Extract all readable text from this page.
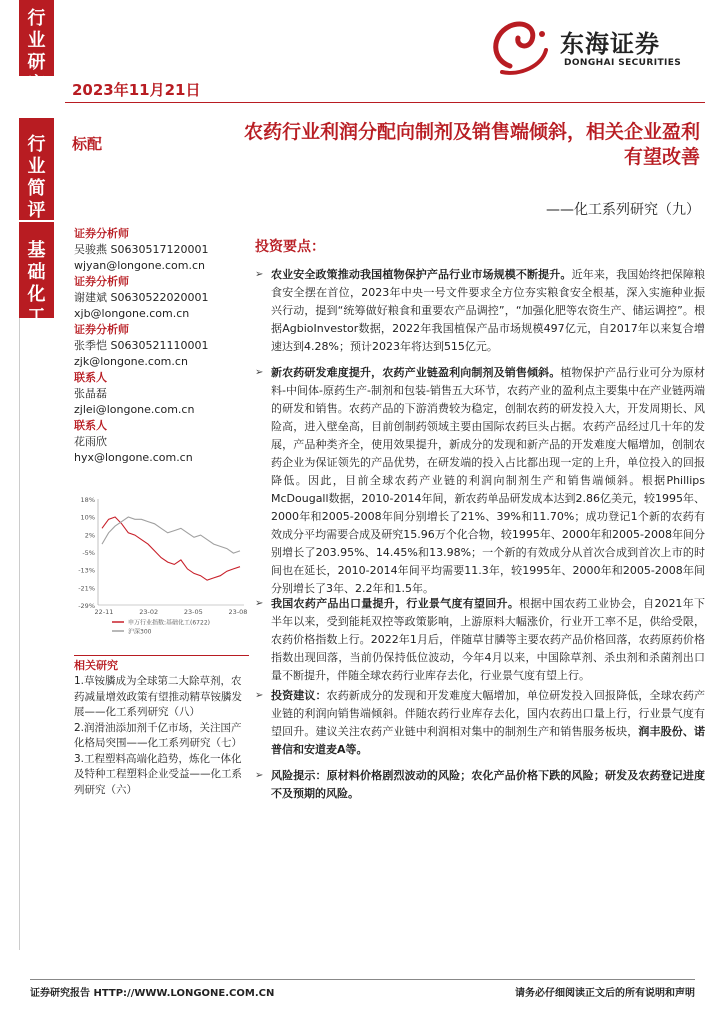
行业
研究
行业
简评
基础
化工
2023年11月21日
东海证券
DONGHAI SECURITIES
标配
农药行业利润分配向制剂及销售端倾斜，相关企业盈利有望改善
——化工系列研究（九）
证券分析师
吴骏燕 S0630517120001
wjyan@longone.com.cn
证券分析师
谢建斌 S0630522020001
xjb@longone.com.cn
证券分析师
张季恺 S0630521110001
zjk@longone.com.cn
联系人
张晶磊
zjlei@longone.com.cn
联系人
花雨欣
hyx@longone.com.cn
18%
10%
2%
-5%
-13%
-21%
-29%
22-11	23-02	23-05	23-08
申万行业指数:基础化工(6722)
沪深300
相关研究
1.草铵膦成为全球第二大除草剂，农药减量增效政策有望推动精草铵膦发展——化工系列研究（八）
2.润滑油添加剂千亿市场，关注国产化格局突围——化工系列研究（七）
3.工程塑料高端化趋势，炼化一体化及特种工程塑料企业受益——化工系列研究（六）
投资要点：
➢ 农业安全政策推动我国植物保护产品行业市场规模不断提升。近年来，我国始终把保障粮食安全摆在首位，2023年中央一号文件要求全方位夯实粮食安全根基，深入实施种业振兴行动，提到“统筹做好粮食和重要农产品调控”，“加强化肥等农资生产、储运调控”。根据AgbioInvestor数据，2022年我国植保产品市场规模497亿元，自2017年以来复合增速达到4.28%；预计2023年将达到515亿元。
➢ 新农药研发难度提升，农药产业链盈利向制剂及销售倾斜。植物保护产品行业可分为原材料-中间体-原药生产-制剂和包装-销售五大环节，农药产业的盈利点主要集中在产业链两端的研发和销售。农药产品的下游消费较为稳定，创制农药的研发投入大，开发周期长、风险高，进入壁垒高，目前创制药领域主要由国际农药巨头占据。农药产品经过几十年的发展，产品种类齐全，使用效果提升，新成分的发现和新产品的开发难度大幅增加，创制农药企业为保证领先的产品优势，在研发端的投入占比都出现一定的上升，单位投入的回报降低。因此，目前全球农药产业链的利润向制剂生产和销售端倾斜。根据Phillips McDougall数据，2010-2014年间，新农药单品研发成本达到2.86亿美元，较1995年、2000年和2005-2008年间分别增长了21%、39%和11.70%；成功登记1个新的农药有效成分平均需要合成及研究15.96万个化合物，较1995年、2000年和2005-2008年间分别增长了203.95%、14.45%和13.98%；一个新的有效成分从首次合成到首次上市的时间也在延长，2010-2014年间平均需要11.3年，较1995年、2000年和2005-2008年间分别增长了3年、2.2年和1.5年。
➢ 我国农药产品出口量提升，行业景气度有望回升。根据中国农药工业协会，自2021年下半年以来，受到能耗双控等政策影响，上游原料大幅涨价，行业开工率不足，供给受限，农药价格指数上行。2022年1月后，伴随草甘膦等主要农药产品价格回落，农药原药价格指数出现回落，当前仍保持低位波动，今年4月以来，中国除草剂、杀虫剂和杀菌剂出口量不断提升，伴随全球农药行业库存去化，行业景气度有望上行。
➢ 投资建议：农药新成分的发现和开发难度大幅增加，单位研发投入回报降低，全球农药产业链的利润向销售端倾斜。伴随农药行业库存去化，国内农药出口量上行，行业景气度有望回升。建议关注农药产业链中利润相对集中的制剂生产和销售服务板块，润丰股份、诺普信和安道麦A等。
➢ 风险提示：原材料价格剧烈波动的风险；农化产品价格下跌的风险；研发及农药登记进度不及预期的风险。
证券研究报告 HTTP://WWW.LONGONE.COM.CN	请务必仔细阅读正文后的所有说明和声明
